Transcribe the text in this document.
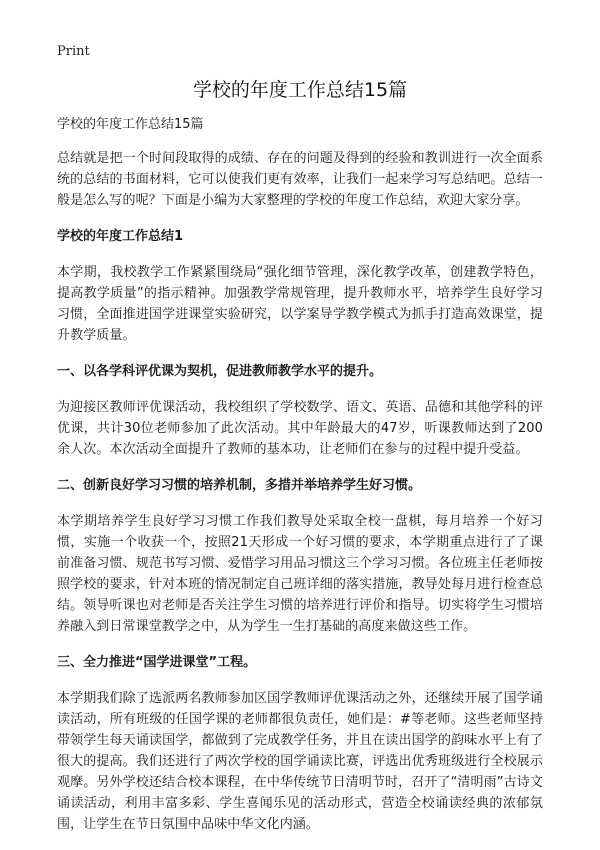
Print
学校的年度工作总结15篇
学校的年度工作总结15篇

总结就是把一个时间段取得的成绩、存在的问题及得到的经验和教训进行一次全面系统的总结的书面材料，它可以使我们更有效率，让我们一起来学习写总结吧。总结一般是怎么写的呢？下面是小编为大家整理的学校的年度工作总结，欢迎大家分享。

学校的年度工作总结1

本学期，我校教学工作紧紧围绕局“强化细节管理，深化教学改革，创建教学特色，提高教学质量”的指示精神。加强教学常规管理，提升教师水平，培养学生良好学习习惯，全面推进国学进课堂实验研究，以学案导学教学模式为抓手打造高效课堂，提升教学质量。

一、以各学科评优课为契机，促进教师教学水平的提升。

为迎接区教师评优课活动，我校组织了学校数学、语文、英语、品德和其他学科的评优课，共计30位老师参加了此次活动。其中年龄最大的47岁，听课教师达到了200余人次。本次活动全面提升了教师的基本功，让老师们在参与的过程中提升受益。

二、创新良好学习习惯的培养机制，多措并举培养学生好习惯。

本学期培养学生良好学习习惯工作我们教导处采取全校一盘棋，每月培养一个好习惯，实施一个收获一个，按照21天形成一个好习惯的要求，本学期重点进行了了课前准备习惯、规范书写习惯、爱惜学习用品习惯这三个学习习惯。各位班主任老师按照学校的要求，针对本班的情况制定自己班详细的落实措施，教导处每月进行检查总结。领导听课也对老师是否关注学生习惯的培养进行评价和指导。切实将学生习惯培养融入到日常课堂教学之中，从为学生一生打基础的高度来做这些工作。

三、全力推进“国学进课堂”工程。

本学期我们除了选派两名教师参加区国学教师评优课活动之外，还继续开展了国学诵读活动，所有班级的任国学课的老师都很负责任，她们是：#等老师。这些老师坚持带领学生每天诵读国学，都做到了完成教学任务，并且在读出国学的韵味水平上有了很大的提高。我们还进行了两次学校的国学诵读比赛，评选出优秀班级进行全校展示观摩。另外学校还结合校本课程，在中华传统节日清明节时，召开了“清明雨”古诗文诵读活动，利用丰富多彩、学生喜闻乐见的活动形式，营造全校诵读经典的浓郁氛围，让学生在节日氛围中品味中华文化内涵。
